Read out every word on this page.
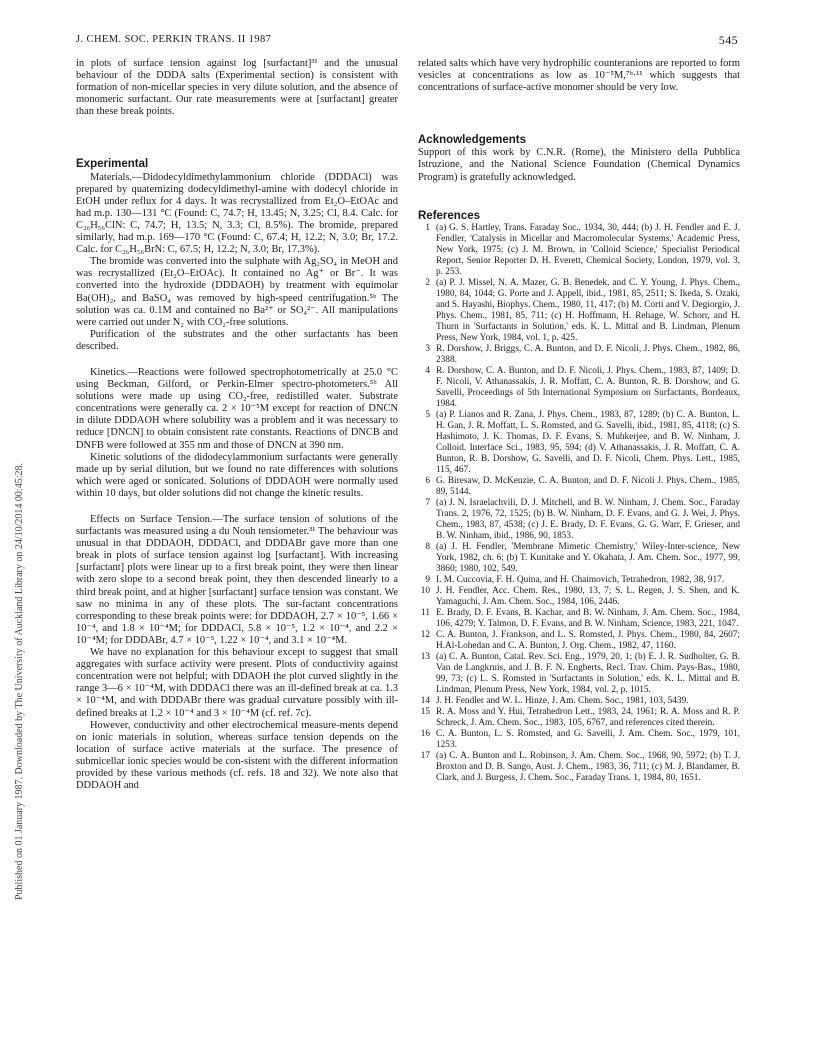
J. CHEM. SOC. PERKIN TRANS. II 1987	545
Published on 01 January 1987. Downloaded by The University of Auckland Library on 24/10/2014 00:45:28.

in plots of surface tension against log [surfactant]³¹ and the unusual behaviour of the DDDA salts (Experimental section) is consistent with formation of non-micellar species in very dilute solution, and the absence of monomeric surfactant. Our rate measurements were at [surfactant] greater than these break points.

Experimental

Materials.—Didodecyldimethylammonium chloride (DDDACl) was prepared by quaternizing dodecyldimethyl-amine with dodecyl chloride in EtOH under reflux for 4 days. It was recrystallized from Et₂O–EtOAc and had m.p. 130—131 °C (Found: C, 74.7; H, 13.45; N, 3.25; Cl, 8.4. Calc. for C₂₆H₅₆ClN: C, 74.7; H, 13.5; N, 3.3; Cl, 8.5%). The bromide, prepared similarly, had m.p. 169—170 °C (Found: C, 67.4; H, 12.2; N, 3.0; Br, 17.2. Calc. for C₂₆H₅₆BrN: C, 67.5; H, 12.2; N, 3.0; Br, 17.3%).

The bromide was converted into the sulphate with Ag₂SO₄ in MeOH and was recrystallized (Et₂O–EtOAc). It contained no Ag⁺ or Br⁻. It was converted into the hydroxide (DDDAOH) by treatment with equimolar Ba(OH)₂, and BaSO₄ was removed by high-speed centrifugation.⁵ᵇ The solution was ca. 0.1M and contained no Ba²⁺ or SO₄²⁻. All manipulations were carried out under N₂ with CO₂-free solutions.

Purification of the substrates and the other surfactants has been described.

Kinetics.—Reactions were followed spectrophotometrically at 25.0 °C using Beckman, Gilford, or Perkin-Elmer spectro-photometers.⁵ᵇ All solutions were made up using CO₂-free, redistilled water. Substrate concentrations were generally ca. 2 × 10⁻⁵M except for reaction of DNCN in dilute DDDAOH where solubility was a problem and it was necessary to reduce [DNCN] to obtain consistent rate constants. Reactions of DNCB and DNFB were followed at 355 nm and those of DNCN at 390 nm.

Kinetic solutions of the didodecylammonium surfactants were generally made up by serial dilution, but we found no rate differences with solutions which were aged or sonicated. Solutions of DDDAOH were normally used within 10 days, but older solutions did not change the kinetic results.

Effects on Surface Tension.—The surface tension of solutions of the surfactants was measured using a du Nouh tensiometer.³¹ The behaviour was unusual in that DDDAOH, DDDACl, and DDDABr gave more than one break in plots of surface tension against log [surfactant]. With increasing [surfactant] plots were linear up to a first break point, they were then linear with zero slope to a second break point, they then descended linearly to a third break point, and at higher [surfactant] surface tension was constant. We saw no minima in any of these plots. The sur-factant concentrations corresponding to these break points were: for DDDAOH, 2.7 × 10⁻⁵, 1.66 × 10⁻⁴, and 1.8 × 10⁻⁴M; for DDDACl, 5.8 × 10⁻⁵, 1.2 × 10⁻⁴, and 2.2 × 10⁻⁴M; for DDDABr, 4.7 × 10⁻⁵, 1.22 × 10⁻⁴, and 3.1 × 10⁻⁴M.

We have no explanation for this behaviour except to suggest that small aggregates with surface activity were present. Plots of conductivity against concentration were not helpful; with DDAOH the plot curved slightly in the range 3—6 × 10⁻⁴M, with DDDACl there was an ill-defined break at ca. 1.3 × 10⁻⁴M, and with DDDABr there was gradual curvature possibly with ill-defined breaks at 1.2 × 10⁻⁴ and 3 × 10⁻⁴M (cf. ref. 7c).

However, conductivity and other electrochemical measure-ments depend on ionic materials in solution, whereas surface tension depends on the location of surface active materials at the surface. The presence of submicellar ionic species would be con-sistent with the different information provided by these various methods (cf. refs. 18 and 32). We note also that DDDAOH and

related salts which have very hydrophilic counteranions are reported to form vesicles at concentrations as low as 10⁻⁵M,⁷ᵇ·¹¹ which suggests that concentrations of surface-active monomer should be very low.

Acknowledgements

Support of this work by C.N.R. (Rome), the Ministero della Pubblica Istruzione, and the National Science Foundation (Chemical Dynamics Program) is gratefully acknowledged.

References
1 (a) G. S. Hartley, Trans. Faraday Soc., 1934, 30, 444; (b) J. H. Fendler and E. J. Fendler, 'Catalysis in Micellar and Macromolecular Systems,' Academic Press, New York, 1975; (c) J. M. Brown, in 'Colloid Science,' Specialist Periodical Report, Senior Reporter D. H. Everett, Chemical Society, London, 1979, vol. 3, p. 253.
2 (a) P. J. Missel, N. A. Mazer, G. B. Benedek, and C. Y. Young, J. Phys. Chem., 1980, 84, 1044; G. Porte and J. Appell, ibid., 1981, 85, 2511; S. Ikeda, S. Ozaki, and S. Hayashi, Biophys. Chem., 1980, 11, 417; (b) M. Corti and V. Degiorgio, J. Phys. Chem., 1981, 85, 711; (c) H. Hoffmann, H. Rehage, W. Schorr, and H. Thurn in 'Surfactants in Solution,' eds. K. L. Mittal and B. Lindman, Plenum Press, New York, 1984, vol. 1, p. 425.
3 R. Dorshow, J. Briggs, C. A. Bunton, and D. F. Nicoli, J. Phys. Chem., 1982, 86, 2388.
4 R. Dorshow, C. A. Bunton, and D. F. Nicoli, J. Phys. Chem., 1983, 87, 1409; D. F. Nicoli, V. Athanassakis, J. R. Moffatt, C. A. Bunton, R. B. Dorshow, and G. Savelli, Proceedings of 5th International Symposium on Surfactants, Bordeaux, 1984.
5 (a) P. Lianos and R. Zana, J. Phys. Chem., 1983, 87, 1289; (b) C. A. Bunton, L. H. Gan, J. R. Moffatt, L. S. Romsted, and G. Savelli, ibid., 1981, 85, 4118; (c) S. Hashimoto, J. K. Thomas, D. F. Evans, S. Muhkerjee, and B. W. Ninham, J. Colloid. Interface Sci., 1983, 95, 594; (d) V. Athanassakis, J. R. Moffatt, C. A. Bunton, R. B. Dorshow, G. Savelli, and D. F. Nicoli, Chem. Phys. Lett., 1985, 115, 467.
6 G. Biresaw, D. McKenzie, C. A. Bunton, and D. F. Nicoli J. Phys. Chem., 1985, 89, 5144.
7 (a) J. N. Israelachvili, D. J. Mitchell, and B. W. Ninham, J. Chem. Soc., Faraday Trans. 2, 1976, 72, 1525; (b) B. W. Ninham, D. F. Evans, and G. J. Wei, J. Phys. Chem., 1983, 87, 4538; (c) J. E. Brady, D. F. Evans, G. G. Warr, F. Grieser, and B. W. Ninham, ibid., 1986, 90, 1853.
8 (a) J. H. Fendler, 'Membrane Mimetic Chemistry,' Wiley-Inter-science, New York, 1982, ch. 6; (b) T. Kunitake and Y. Okahata, J. Am. Chem. Soc., 1977, 99, 3860; 1980, 102, 549.
9 I. M. Cuccovia, F. H. Quina, and H. Chaimovich, Tetrahedron, 1982, 38, 917.
10 J. H. Fendler, Acc. Chem. Res., 1980, 13, 7; S. L. Regen, J. S. Shen, and K. Yamaguchi, J. Am. Chem. Soc., 1984, 106, 2446.
11 E. Brady, D. F. Evans, B. Kachar, and B. W. Ninham, J. Am. Chem. Soc., 1984, 106, 4279; Y. Talmon, D. F. Evans, and B. W. Ninham, Science, 1983, 221, 1047.
12 C. A. Bunton, J. Frankson, and L. S. Romsted, J. Phys. Chem., 1980, 84, 2607; H.Al-Lohedan and C. A. Bunton, J. Org. Chem., 1982, 47, 1160.
13 (a) C. A. Bunton, Catal. Rev. Sci. Eng., 1979, 20, 1; (b) E. J. R. Sudholter, G. B. Van de Langkruis, and J. B. F. N. Engberts, Recl. Trav. Chim. Pays-Bas., 1980, 99, 73; (c) L. S. Romsted in 'Surfactants in Solution,' eds. K. L. Mittal and B. Lindman, Plenum Press, New York, 1984, vol. 2, p. 1015.
14 J. H. Fendler and W. L. Hinze, J. Am. Chem. Soc., 1981, 103, 5439.
15 R. A. Moss and Y. Hui, Tetrahedron Lett., 1983, 24, 1961; R. A. Moss and R. P. Schreck, J. Am. Chem. Soc., 1983, 105, 6767, and references cited therein.
16 C. A. Bunton, L. S. Romsted, and G. Savelli, J. Am. Chem. Soc., 1979, 101, 1253.
17 (a) C. A. Bunton and L. Robinson, J. Am. Chem. Soc., 1968, 90, 5972; (b) T. J. Broxton and D. B. Sango, Aust. J. Chem., 1983, 36, 711; (c) M. J. Blandamer, B. Clark, and J. Burgess, J. Chem. Soc., Faraday Trans. 1, 1984, 80, 1651.
